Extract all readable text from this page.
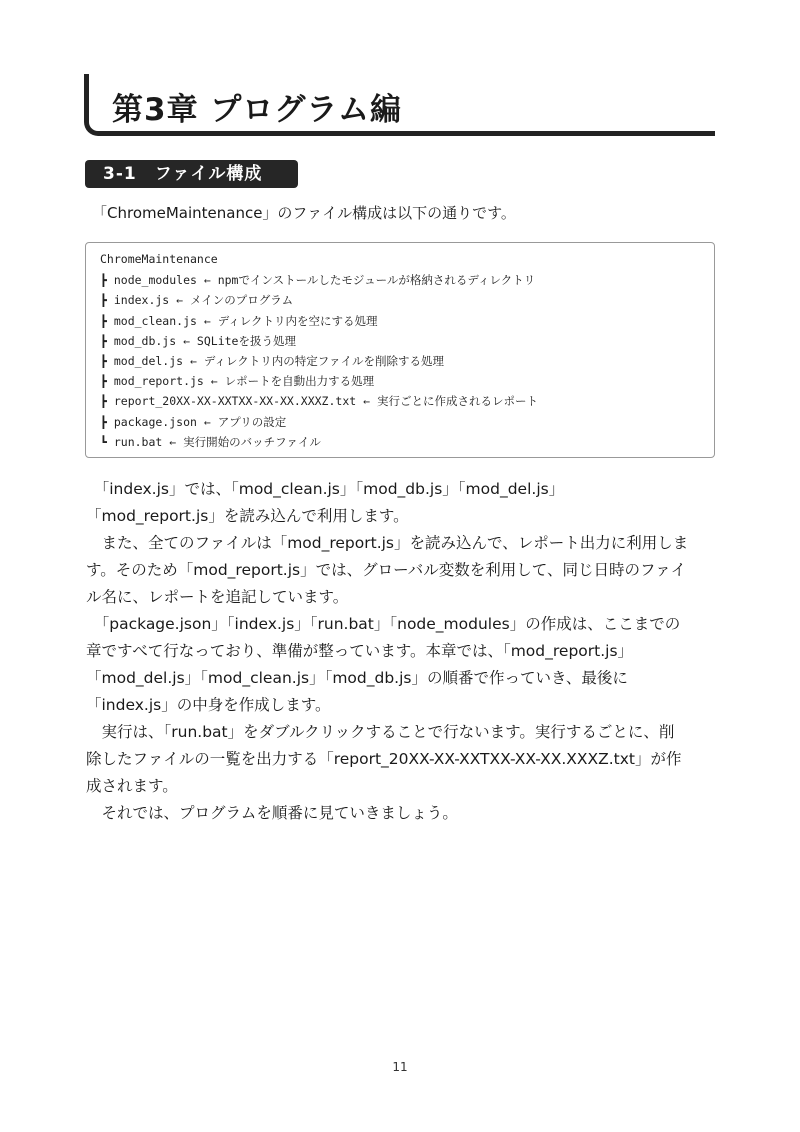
第3章 プログラム編
3-1　ファイル構成
「ChromeMaintenance」のファイル構成は以下の通りです。
ChromeMaintenance
┣ node_modules ← npmでインストールしたモジュールが格納されるディレクトリ
┣ index.js ← メインのプログラム
┣ mod_clean.js ← ディレクトリ内を空にする処理
┣ mod_db.js ← SQLiteを扱う処理
┣ mod_del.js ← ディレクトリ内の特定ファイルを削除する処理
┣ mod_report.js ← レポートを自動出力する処理
┣ report_20XX-XX-XXTXX-XX-XX.XXXZ.txt ← 実行ごとに作成されるレポート
┣ package.json ← アプリの設定
┗ run.bat ← 実行開始のバッチファイル
　「index.js」では、「mod_clean.js」「mod_db.js」「mod_del.js」
「mod_report.js」を読み込んで利用します。
　また、全てのファイルは「mod_report.js」を読み込んで、レポート出力に利用しま
す。そのため「mod_report.js」では、グローバル変数を利用して、同じ日時のファイ
ル名に、レポートを追記しています。
　「package.json」「index.js」「run.bat」「node_modules」の作成は、ここまでの
章ですべて行なっており、準備が整っています。本章では、「mod_report.js」
「mod_del.js」「mod_clean.js」「mod_db.js」の順番で作っていき、最後に
「index.js」の中身を作成します。
　実行は、「run.bat」をダブルクリックすることで行ないます。実行するごとに、削
除したファイルの一覧を出力する「report_20XX-XX-XXTXX-XX-XX.XXXZ.txt」が作
成されます。
　それでは、プログラムを順番に見ていきましょう。
11
